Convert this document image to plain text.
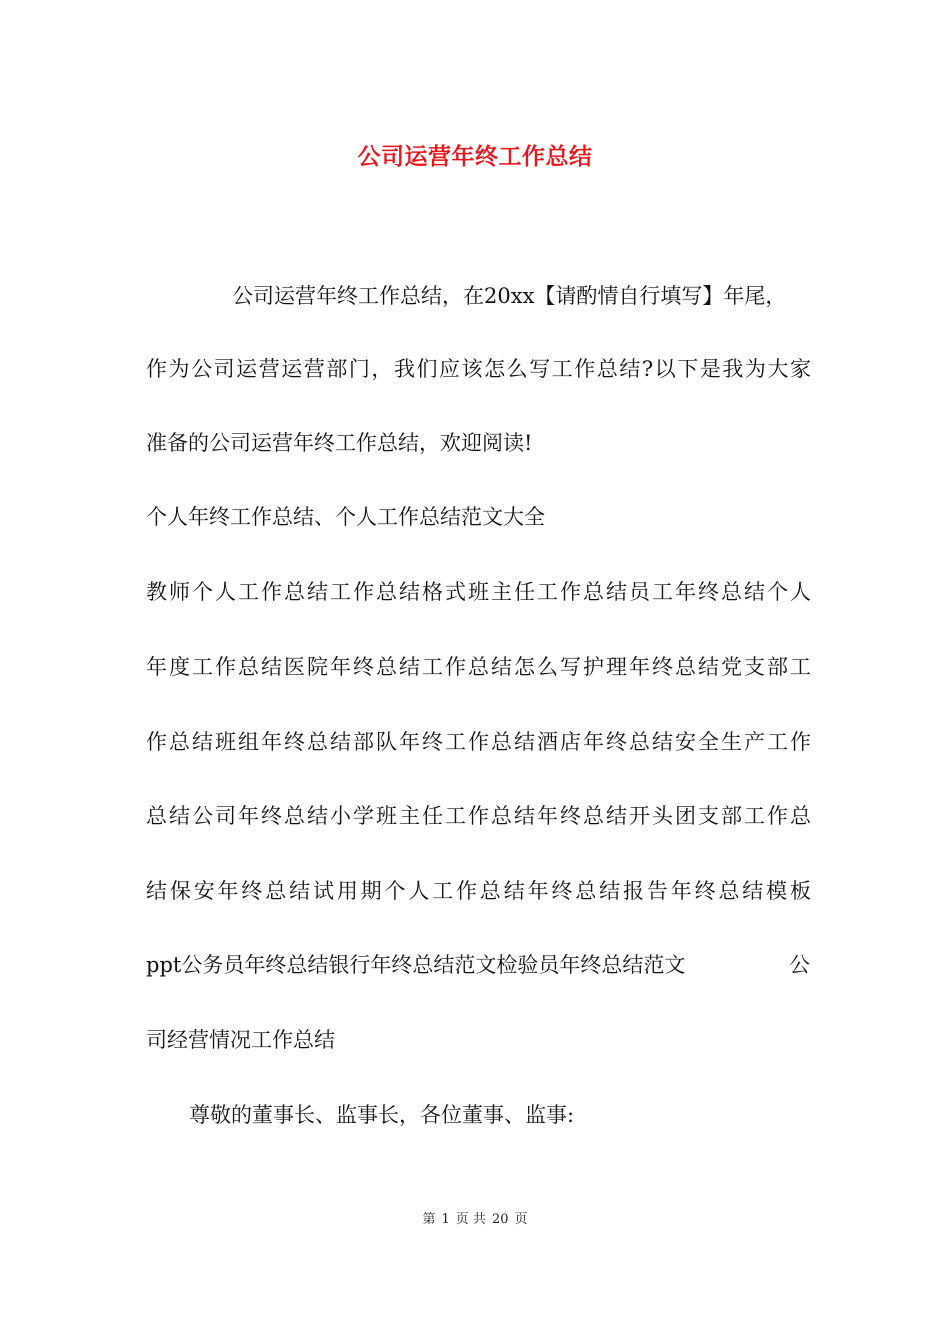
公司运营年终工作总结
公司运营年终工作总结，在20xx【请酌情自行填写】年尾，
作为公司运营运营部门，我们应该怎么写工作总结?以下是我为大家
准备的公司运营年终工作总结，欢迎阅读!
个人年终工作总结、个人工作总结范文大全
教师个人工作总结工作总结格式班主任工作总结员工年终总结个人
年度工作总结医院年终总结工作总结怎么写护理年终总结党支部工
作总结班组年终总结部队年终工作总结酒店年终总结安全生产工作
总结公司年终总结小学班主任工作总结年终总结开头团支部工作总
结保安年终总结试用期个人工作总结年终总结报告年终总结模板
ppt公务员年终总结银行年终总结范文检验员年终总结范文	公
司经营情况工作总结
尊敬的董事长、监事长，各位董事、监事:
第 1 页 共 20 页
